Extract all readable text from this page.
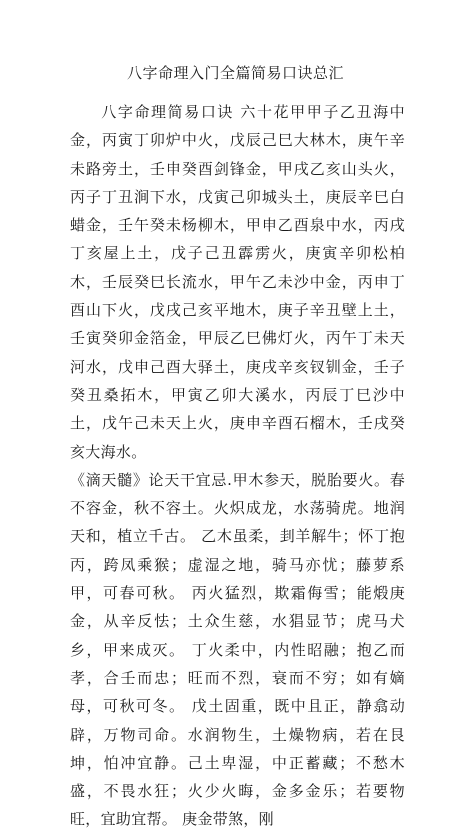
八字命理入门全篇简易口诀总汇

八字命理简易口诀 六十花甲甲子乙丑海中金，丙寅丁卯炉中火，戊辰己巳大林木，庚午辛未路旁土，壬申癸酉剑锋金，甲戌乙亥山头火，丙子丁丑涧下水，戊寅己卯城头土，庚辰辛巳白蜡金，壬午癸未杨柳木，甲申乙酉泉中水，丙戌丁亥屋上土，戊子己丑霹雳火，庚寅辛卯松柏木，壬辰癸巳长流水，甲午乙未沙中金，丙申丁酉山下火，戊戌己亥平地木，庚子辛丑壁上土，壬寅癸卯金箔金，甲辰乙巳佛灯火，丙午丁未天河水，戊申己酉大驿土，庚戌辛亥钗钏金，壬子癸丑桑拓木，甲寅乙卯大溪水，丙辰丁巳沙中土，戊午己未天上火，庚申辛酉石榴木，壬戌癸亥大海水。

《滴天髓》论天干宜忌.甲木参天，脱胎要火。春不容金，秋不容土。火炽成龙，水荡骑虎。地润天和，植立千古。 乙木虽柔，刲羊解牛；怀丁抱丙，跨凤乘猴；虚湿之地，骑马亦忧；藤萝系甲，可春可秋。 丙火猛烈，欺霜侮雪；能煅庚金，从辛反怯；土众生慈，水猖显节；虎马犬乡，甲来成灭。 丁火柔中，内性昭融；抱乙而孝，合壬而忠；旺而不烈，衰而不穷；如有嫡母，可秋可冬。 戊土固重，既中且正，静翕动辟，万物司命。水润物生，土燥物病，若在艮坤，怕冲宜静。己土卑湿，中正蓄藏；不愁木盛，不畏水狂；火少火晦，金多金乐；若要物旺，宜助宜帮。 庚金带煞，刚
